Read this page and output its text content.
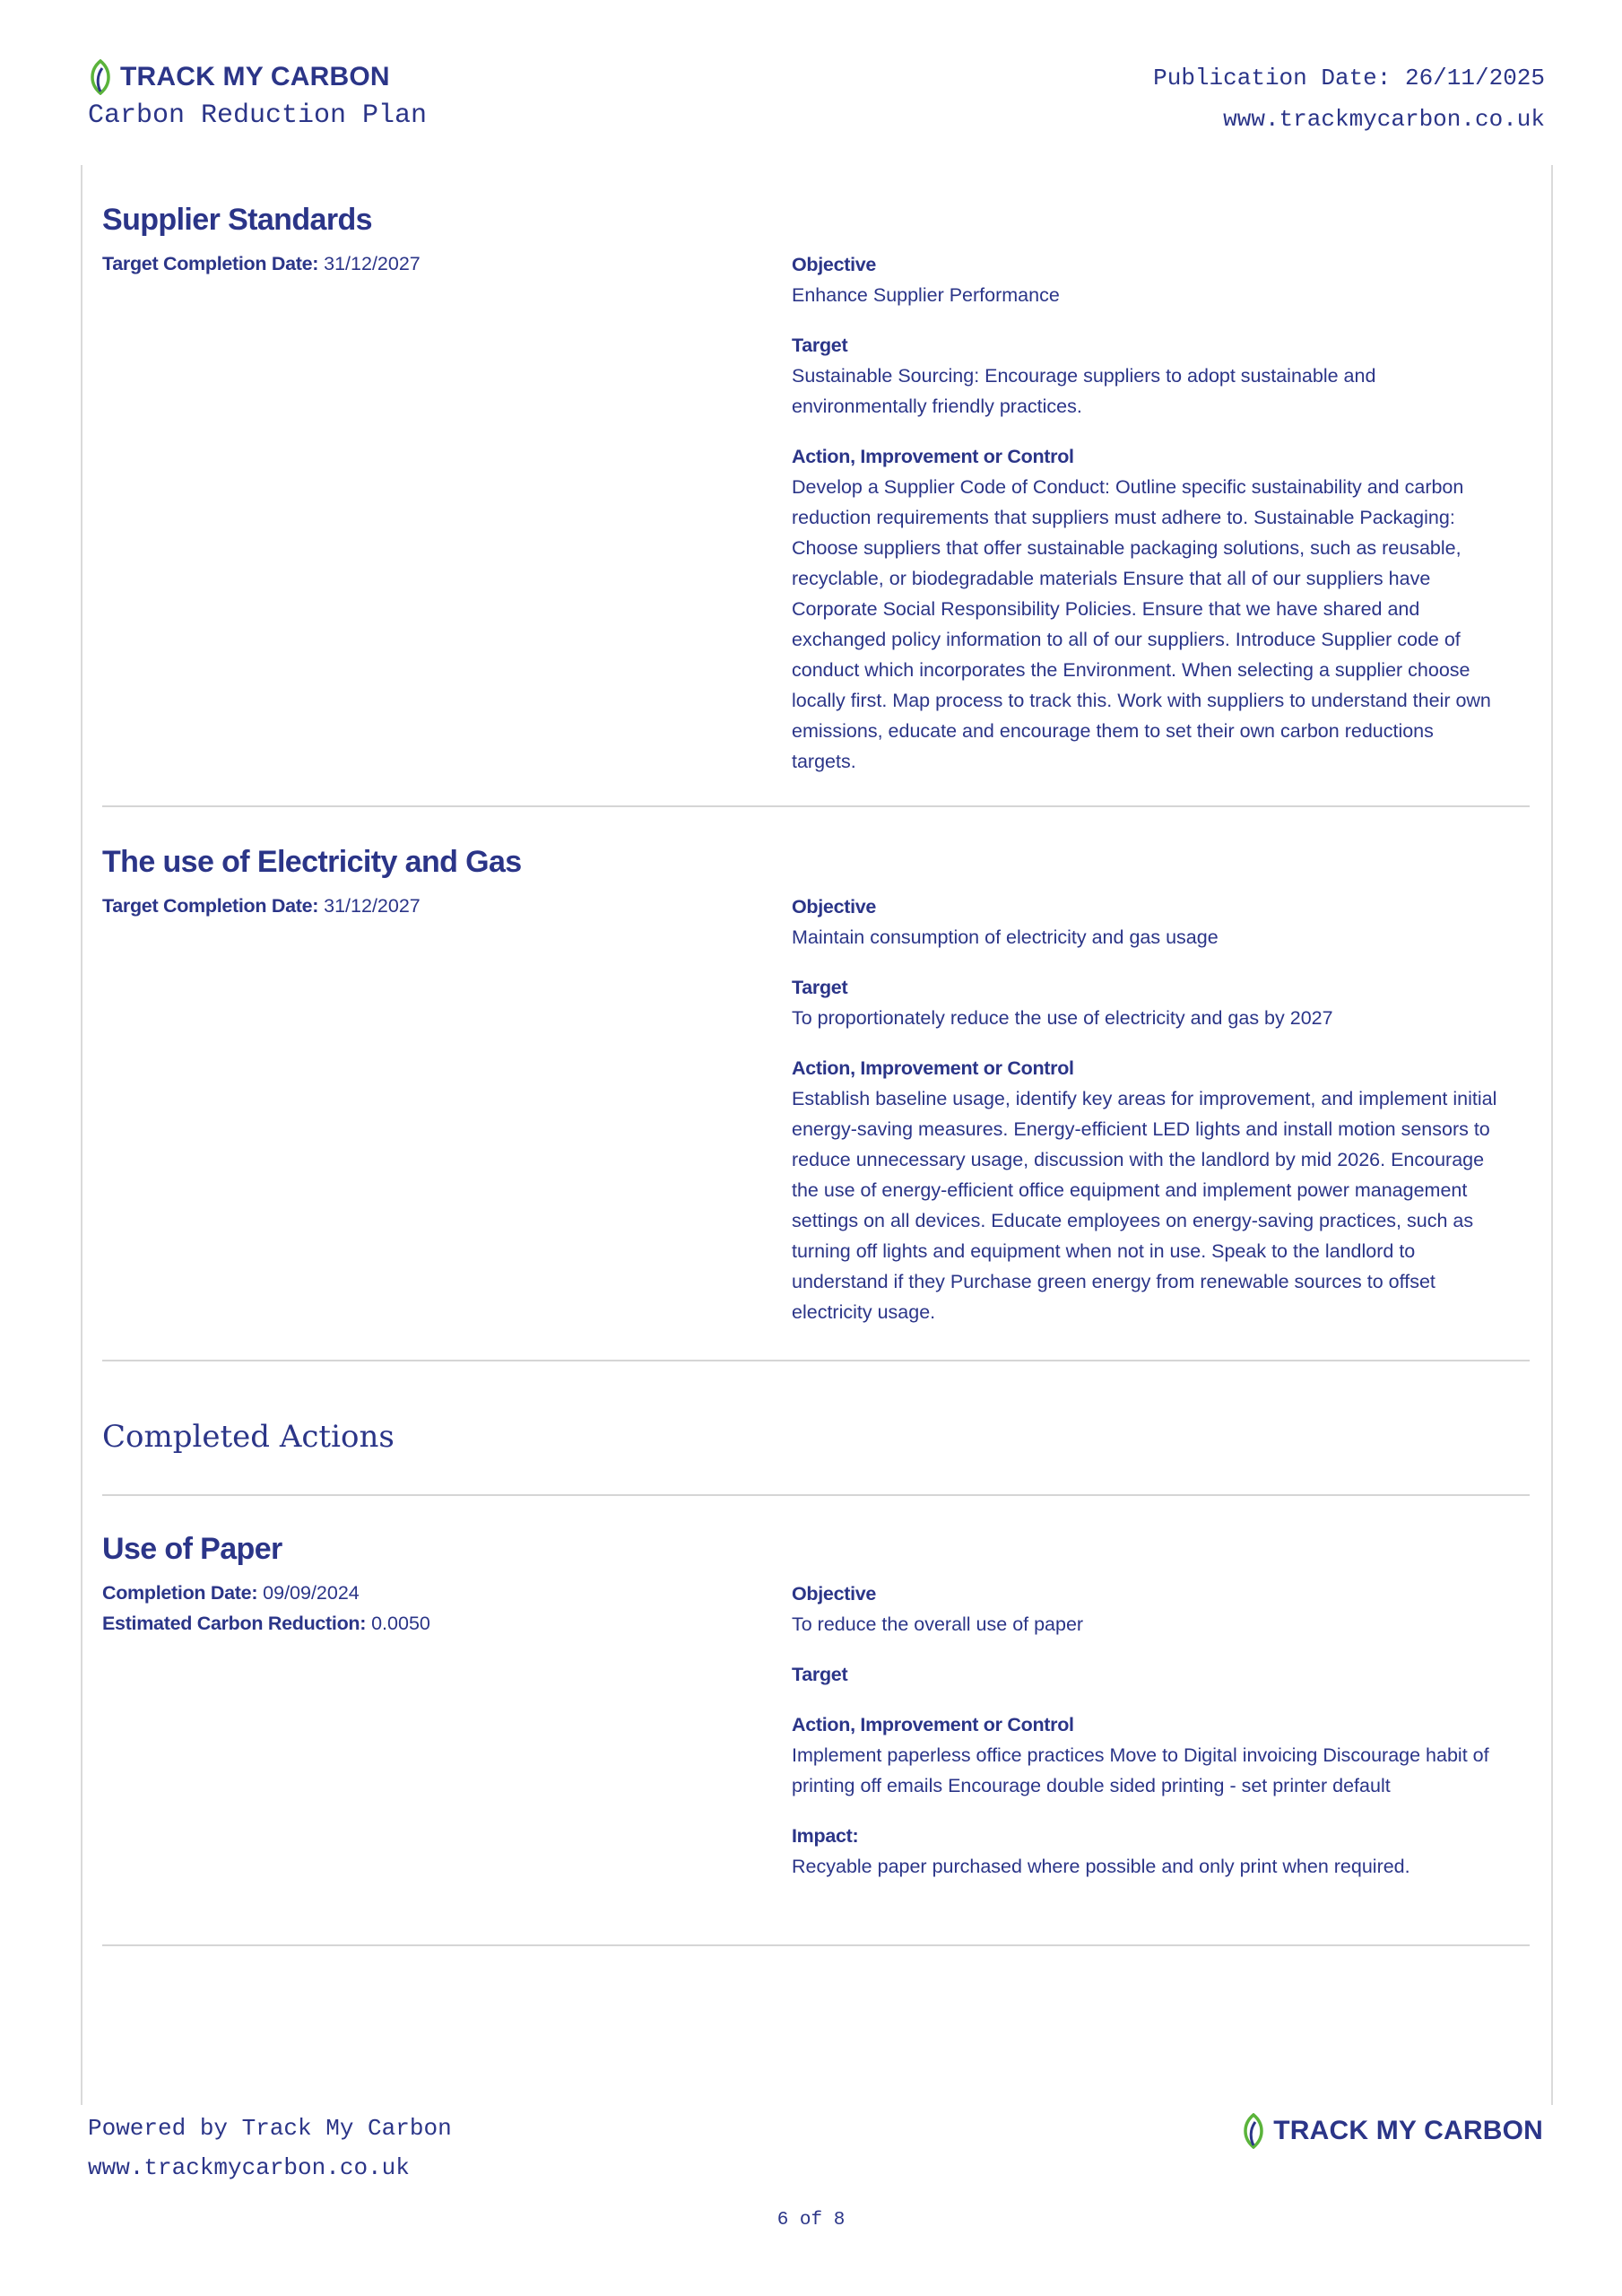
TRACK MY CARBON
Carbon Reduction Plan
Publication Date: 26/11/2025
www.trackmycarbon.co.uk
Supplier Standards
Target Completion Date: 31/12/2027	Objective

Enhance Supplier Performance

Target

Sustainable Sourcing: Encourage suppliers to adopt sustainable and environmentally friendly practices.

Action, Improvement or Control

Develop a Supplier Code of Conduct: Outline specific sustainability and carbon reduction requirements that suppliers must adhere to. Sustainable Packaging: Choose suppliers that offer sustainable packaging solutions, such as reusable, recyclable, or biodegradable materials Ensure that all of our suppliers have Corporate Social Responsibility Policies. Ensure that we have shared and exchanged policy information to all of our suppliers. Introduce Supplier code of conduct which incorporates the Environment. When selecting a supplier choose locally first. Map process to track this. Work with suppliers to understand their own emissions, educate and encourage them to set their own carbon reductions targets.

The use of Electricity and Gas
Target Completion Date: 31/12/2027	Objective

Maintain consumption of electricity and gas usage

Target

To proportionately reduce the use of electricity and gas by 2027

Action, Improvement or Control

Establish baseline usage, identify key areas for improvement, and implement initial energy-saving measures. Energy-efficient LED lights and install motion sensors to reduce unnecessary usage, discussion with the landlord by mid 2026. Encourage the use of energy-efficient office equipment and implement power management settings on all devices. Educate employees on energy-saving practices, such as turning off lights and equipment when not in use. Speak to the landlord to understand if they Purchase green energy from renewable sources to offset electricity usage.

Completed Actions
Use of Paper
Completion Date: 09/09/2024
Estimated Carbon Reduction: 0.0050
Objective

To reduce the overall use of paper

Target
Action, Improvement or Control

Implement paperless office practices Move to Digital invoicing Discourage habit of printing off emails Encourage double sided printing - set printer default

Impact:

Recyable paper purchased where possible and only print when required.

Powered by Track My Carbon
www.trackmycarbon.co.uk
TRACK MY CARBON
6 of 8
